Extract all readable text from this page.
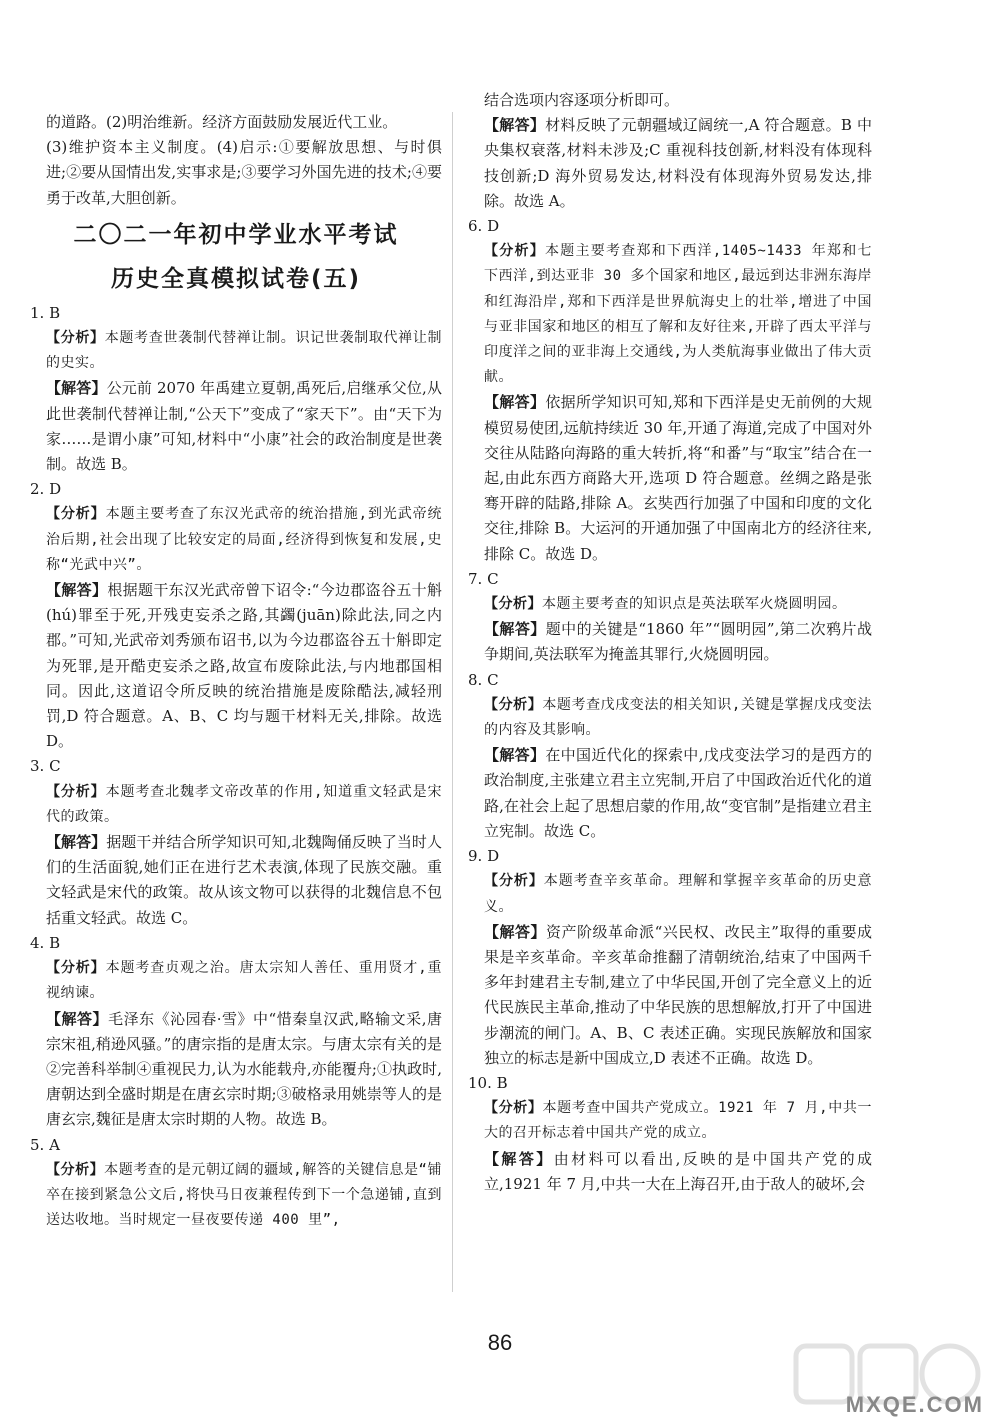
的道路。(2)明治维新。经济方面鼓励发展近代工业。

(3)维护资本主义制度。(4)启示:①要解放思想、与时俱进;②要从国情出发,实事求是;③要学习外国先进的技术;④要勇于改革,大胆创新。

二〇二一年初中学业水平考试
历史全真模拟试卷(五)

1. B

【分析】本题考查世袭制代替禅让制。识记世袭制取代禅让制的史实。

【解答】公元前 2070 年禹建立夏朝,禹死后,启继承父位,从此世袭制代替禅让制,“公天下”变成了“家天下”。由“天下为家……是谓小康”可知,材料中“小康”社会的政治制度是世袭制。故选 B。

2. D

【分析】本题主要考查了东汉光武帝的统治措施,到光武帝统治后期,社会出现了比较安定的局面,经济得到恢复和发展,史称“光武中兴”。

【解答】根据题干东汉光武帝曾下诏令:“今边郡盗谷五十斛(hú)罪至于死,开残吏妄杀之路,其蠲(juān)除此法,同之内郡。”可知,光武帝刘秀颁布诏书,以为今边郡盗谷五十斛即定为死罪,是开酷吏妄杀之路,故宣布废除此法,与内地郡国相同。因此,这道诏令所反映的统治措施是废除酷法,减轻刑罚,D 符合题意。A、B、C 均与题干材料无关,排除。故选 D。

3. C

【分析】本题考查北魏孝文帝改革的作用,知道重文轻武是宋代的政策。

【解答】据题干并结合所学知识可知,北魏陶俑反映了当时人们的生活面貌,她们正在进行艺术表演,体现了民族交融。重文轻武是宋代的政策。故从该文物可以获得的北魏信息不包括重文轻武。故选 C。

4. B

【分析】本题考查贞观之治。唐太宗知人善任、重用贤才,重视纳谏。

【解答】毛泽东《沁园春·雪》中“惜秦皇汉武,略输文采,唐宗宋祖,稍逊风骚。”的唐宗指的是唐太宗。与唐太宗有关的是②完善科举制④重视民力,认为水能载舟,亦能覆舟;①执政时,唐朝达到全盛时期是在唐玄宗时期;③破格录用姚崇等人的是唐玄宗,魏征是唐太宗时期的人物。故选 B。

5. A

【分析】本题考查的是元朝辽阔的疆域,解答的关键信息是“铺卒在接到紧急公文后,将快马日夜兼程传到下一个急递铺,直到送达收地。当时规定一昼夜要传递 400 里”,

结合选项内容逐项分析即可。

【解答】材料反映了元朝疆域辽阔统一,A 符合题意。B 中央集权衰落,材料未涉及;C 重视科技创新,材料没有体现科技创新;D 海外贸易发达,材料没有体现海外贸易发达,排除。故选 A。

6. D

【分析】本题主要考查郑和下西洋,1405~1433 年郑和七下西洋,到达亚非 30 多个国家和地区,最远到达非洲东海岸和红海沿岸,郑和下西洋是世界航海史上的壮举,增进了中国与亚非国家和地区的相互了解和友好往来,开辟了西太平洋与印度洋之间的亚非海上交通线,为人类航海事业做出了伟大贡献。

【解答】依据所学知识可知,郑和下西洋是史无前例的大规模贸易使团,远航持续近 30 年,开通了海道,完成了中国对外交往从陆路向海路的重大转折,将“和番”与“取宝”结合在一起,由此东西方商路大开,选项 D 符合题意。丝绸之路是张骞开辟的陆路,排除 A。玄奘西行加强了中国和印度的文化交往,排除 B。大运河的开通加强了中国南北方的经济往来,排除 C。故选 D。

7. C

【分析】本题主要考查的知识点是英法联军火烧圆明园。

【解答】题中的关键是“1860 年”“圆明园”,第二次鸦片战争期间,英法联军为掩盖其罪行,火烧圆明园。

8. C

【分析】本题考查戊戌变法的相关知识,关键是掌握戊戌变法的内容及其影响。

【解答】在中国近代化的探索中,戊戌变法学习的是西方的政治制度,主张建立君主立宪制,开启了中国政治近代化的道路,在社会上起了思想启蒙的作用,故“变官制”是指建立君主立宪制。故选 C。

9. D

【分析】本题考查辛亥革命。理解和掌握辛亥革命的历史意义。

【解答】资产阶级革命派“兴民权、改民主”取得的重要成果是辛亥革命。辛亥革命推翻了清朝统治,结束了中国两千多年封建君主专制,建立了中华民国,开创了完全意义上的近代民族民主革命,推动了中华民族的思想解放,打开了中国进步潮流的闸门。A、B、C 表述正确。实现民族解放和国家独立的标志是新中国成立,D 表述不正确。故选 D。

10. B

【分析】本题考查中国共产党成立。1921 年 7 月,中共一大的召开标志着中国共产党的成立。

【解答】由材料可以看出,反映的是中国共产党的成立,1921 年 7 月,中共一大在上海召开,由于敌人的破坏,会

86
MXQE.COM
